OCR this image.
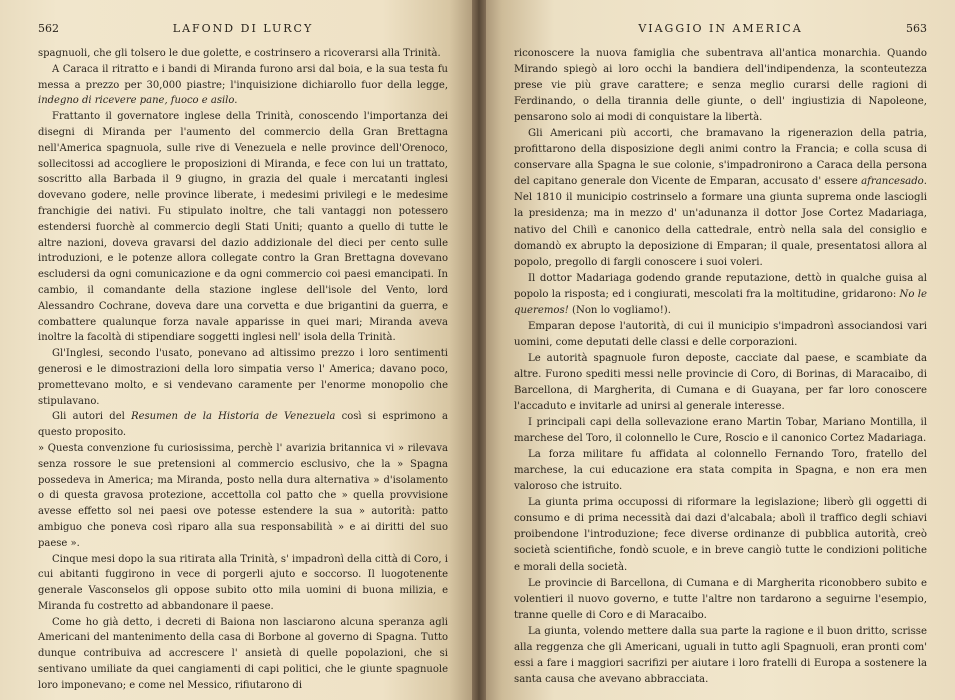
562	LAFOND DI LURCY

spagnuoli, che gli tolsero le due golette, e costrinsero a ricoverarsi alla Trinità.

A Caraca il ritratto e i bandi di Miranda furono arsi dal boia, e la sua testa fu messa a prezzo per 30,000 piastre; l'inquisizione dichiarollo fuor della legge, indegno di ricevere pane, fuoco e asilo.

Frattanto il governatore inglese della Trinità, conoscendo l'importanza dei disegni di Miranda per l'aumento del commercio della Gran Brettagna nell'America spagnuola, sulle rive di Venezuela e nelle province dell'Orenoco, sollecitossi ad accogliere le proposizioni di Miranda, e fece con lui un trattato, soscritto alla Barbada il 9 giugno, in grazia del quale i mercatanti inglesi dovevano godere, nelle province liberate, i medesimi privilegi e le medesime franchigie dei nativi. Fu stipulato inoltre, che tali vantaggi non potessero estendersi fuorchè al commercio degli Stati Uniti; quanto a quello di tutte le altre nazioni, doveva gravarsi del dazio addizionale del dieci per cento sulle introduzioni, e le potenze allora collegate contro la Gran Brettagna dovevano escludersi da ogni comunicazione e da ogni commercio coi paesi emancipati. In cambio, il comandante della stazione inglese dell'isole del Vento, lord Alessandro Cochrane, doveva dare una corvetta e due brigantini da guerra, e combattere qualunque forza navale apparisse in quei mari; Miranda aveva inoltre la facoltà di stipendiare soggetti inglesi nell' isola della Trinità.

Gl'Inglesi, secondo l'usato, ponevano ad altissimo prezzo i loro sentimenti generosi e le dimostrazioni della loro simpatia verso l' America; davano poco, promettevano molto, e si vendevano caramente per l'enorme monopolio che stipulavano.

Gli autori del Resumen de la Historia de Venezuela così si esprimono a questo proposito.

» Questa convenzione fu curiosissima, perchè l' avarizia britannica vi » rilevava senza rossore le sue pretensioni al commercio esclusivo, che la » Spagna possedeva in America; ma Miranda, posto nella dura alternativa » d'isolamento o di questa gravosa protezione, accettolla col patto che » quella provvisione avesse effetto sol nei paesi ove potesse estendere la sua » autorità: patto ambiguo che poneva così riparo alla sua responsabilità » e ai diritti del suo paese ».

Cinque mesi dopo la sua ritirata alla Trinità, s' impadronì della città di Coro, i cui abitanti fuggirono in vece di porgerli ajuto e soccorso. Il luogotenente generale Vasconselos gli oppose subito otto mila uomini di buona milizia, e Miranda fu costretto ad abbandonare il paese.

Come ho già detto, i decreti di Baiona non lasciarono alcuna speranza agli Americani del mantenimento della casa di Borbone al governo di Spagna. Tutto dunque contribuiva ad accrescere l' ansietà di quelle popolazioni, che si sentivano umiliate da quei cangiamenti di capi politici, che le giunte spagnuole loro imponevano; e come nel Messico, rifiutarono di

563
VIAGGIO IN AMERICA

riconoscere la nuova famiglia che subentrava all'antica monarchia. Quando Mirando spiegò ai loro occhi la bandiera dell'indipendenza, la sconteutezza prese vie più grave carattere; e senza meglio curarsi delle ragioni di Ferdinando, o della tirannia delle giunte, o dell' ingiustizia di Napoleone, pensarono solo ai modi di conquistare la libertà.

Gli Americani più accorti, che bramavano la rigenerazion della patria, profittarono della disposizione degli animi contro la Francia; e colla scusa di conservare alla Spagna le sue colonie, s'impadronirono a Caraca della persona del capitano generale don Vicente de Emparan, accusato d' essere afrancesado. Nel 1810 il municipio costrinselo a formare una giunta suprema onde lasciogli la presidenza; ma in mezzo d' un'adunanza il dottor Jose Cortez Madariaga, nativo del Chilì e canonico della cattedrale, entrò nella sala del consiglio e domandò ex abrupto la deposizione di Emparan; il quale, presentatosi allora al popolo, pregollo di fargli conoscere i suoi voleri.

Il dottor Madariaga godendo grande reputazione, dettò in qualche guisa al popolo la risposta; ed i congiurati, mescolati fra la moltitudine, gridarono: No le queremos! (Non lo vogliamo!).

Emparan depose l'autorità, di cui il municipio s'impadronì associandosi vari uomini, come deputati delle classi e delle corporazioni.

Le autorità spagnuole furon deposte, cacciate dal paese, e scambiate da altre. Furono spediti messi nelle provincie di Coro, di Borinas, di Maracaibo, di Barcellona, di Margherita, di Cumana e di Guayana, per far loro conoscere l'accaduto e invitarle ad unirsi al generale interesse.

I principali capi della sollevazione erano Martin Tobar, Mariano Montilla, il marchese del Toro, il colonnello le Cure, Roscio e il canonico Cortez Madariaga.

La forza militare fu affidata al colonnello Fernando Toro, fratello del marchese, la cui educazione era stata compita in Spagna, e non era men valoroso che istruito.

La giunta prima occupossi di riformare la legislazione; liberò gli oggetti di consumo e di prima necessità dai dazi d'alcabala; abolì il traffico degli schiavi proibendone l'introduzione; fece diverse ordinanze di pubblica autorità, creò società scientifiche, fondò scuole, e in breve cangiò tutte le condizioni politiche e morali della società.

Le provincie di Barcellona, di Cumana e di Margherita riconobbero subito e volentieri il nuovo governo, e tutte l'altre non tardarono a seguirne l'esempio, tranne quelle di Coro e di Maracaibo.

La giunta, volendo mettere dalla sua parte la ragione e il buon dritto, scrisse alla reggenza che gli Americani, uguali in tutto agli Spagnuoli, eran pronti com' essi a fare i maggiori sacrifizi per aiutare i loro fratelli di Europa a sostenere la santa causa che avevano abbracciata.
